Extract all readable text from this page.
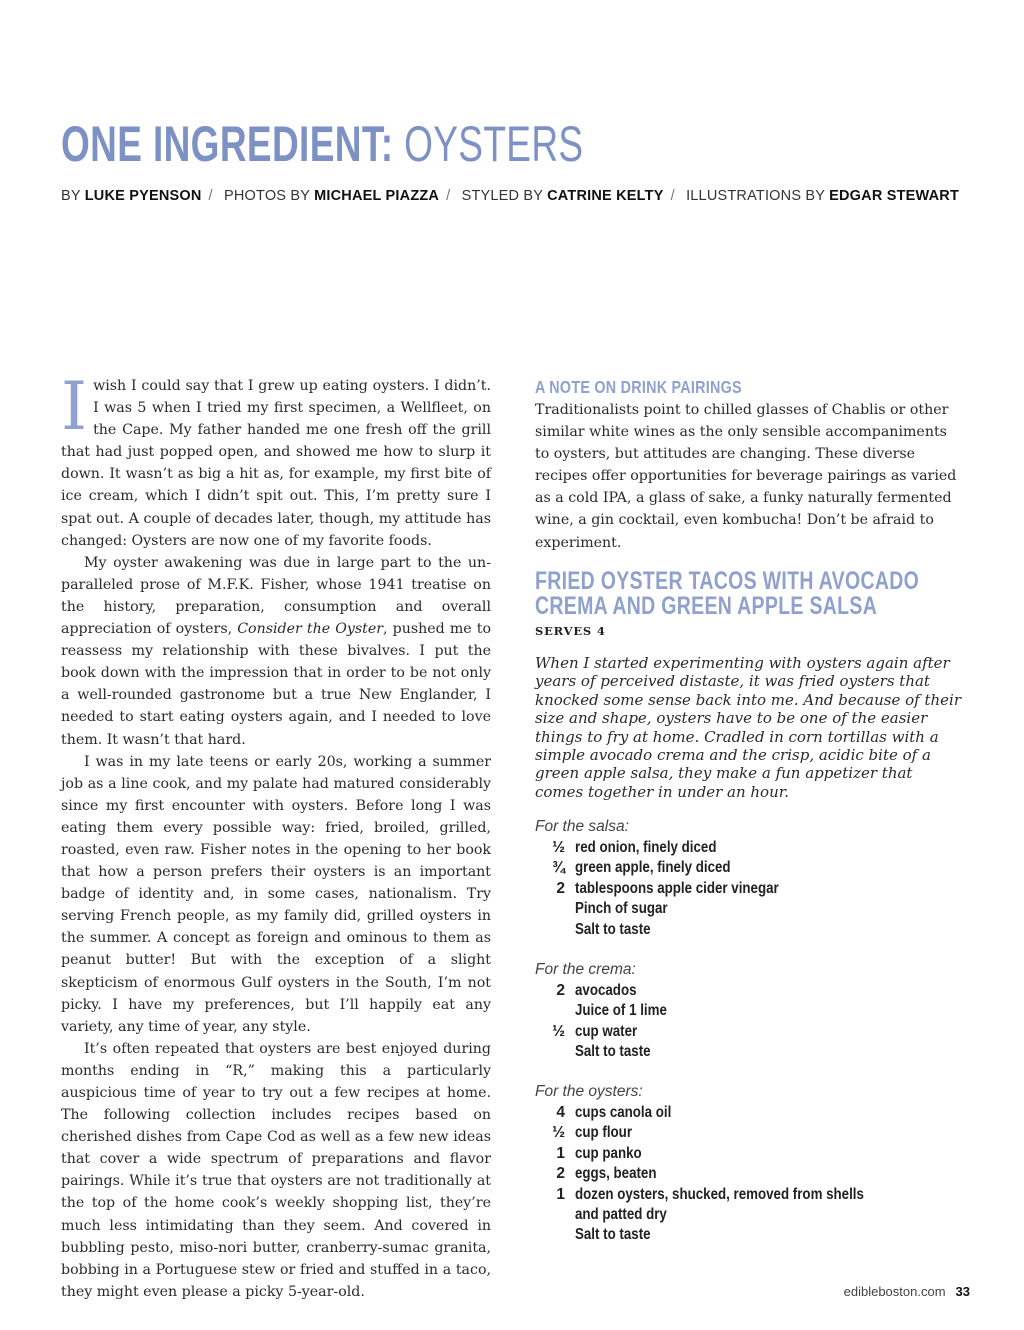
ONE INGREDIENT: OYSTERS
BY LUKE PYENSON / PHOTOS BY MICHAEL PIAZZA / STYLED BY CATRINE KELTY / ILLUSTRATIONS BY EDGAR STEWART

I wish I could say that I grew up eating oysters. I didn’t. I was 5 when I tried my first specimen, a Wellfleet, on the Cape. My father handed me one fresh off the grill that had just popped open, and showed me how to slurp it down. It wasn’t as big a hit as, for example, my first bite of ice cream, which I didn’t spit out. This, I’m pretty sure I spat out. A couple of decades later, though, my attitude has changed: Oysters are now one of my favorite foods.

My oyster awakening was due in large part to the unparalleled prose of M.F.K. Fisher, whose 1941 treatise on the history, preparation, consumption and overall appreciation of oysters, Consider the Oyster, pushed me to reassess my relationship with these bivalves. I put the book down with the impression that in order to be not only a well-rounded gastronome but a true New Englander, I needed to start eating oysters again, and I needed to love them. It wasn’t that hard.

I was in my late teens or early 20s, working a summer job as a line cook, and my palate had matured considerably since my first encounter with oysters. Before long I was eating them every possible way: fried, broiled, grilled, roasted, even raw. Fisher notes in the opening to her book that how a person prefers their oysters is an important badge of identity and, in some cases, nationalism. Try serving French people, as my family did, grilled oysters in the summer. A concept as foreign and ominous to them as peanut butter! But with the exception of a slight skepticism of enormous Gulf oysters in the South, I’m not picky. I have my preferences, but I’ll happily eat any variety, any time of year, any style.

It’s often repeated that oysters are best enjoyed during months ending in “R,” making this a particularly auspicious time of year to try out a few recipes at home. The following collection includes recipes based on cherished dishes from Cape Cod as well as a few new ideas that cover a wide spectrum of preparations and flavor pairings. While it’s true that oysters are not traditionally at the top of the home cook’s weekly shopping list, they’re much less intimidating than they seem. And covered in bubbling pesto, miso-nori butter, cranberry-sumac granita, bobbing in a Portuguese stew or fried and stuffed in a taco, they might even please a picky 5-year-old.

A NOTE ON DRINK PAIRINGS

Traditionalists point to chilled glasses of Chablis or other similar white wines as the only sensible accompaniments to oysters, but attitudes are changing. These diverse recipes offer opportunities for beverage pairings as varied as a cold IPA, a glass of sake, a funky naturally fermented wine, a gin cocktail, even kombucha! Don’t be afraid to experiment.

FRIED OYSTER TACOS WITH AVOCADO
CREMA AND GREEN APPLE SALSA
SERVES 4
When I started experimenting with oysters again after years of perceived distaste, it was fried oysters that knocked some sense back into me. And because of their size and shape, oysters have to be one of the easier things to fry at home. Cradled in corn tortillas with a simple avocado crema and the crisp, acidic bite of a green apple salsa, they make a fun appetizer that comes together in under an hour.
For the salsa:
½ red onion, finely diced
¾ green apple, finely diced
2 tablespoons apple cider vinegar
Pinch of sugar
Salt to taste
For the crema:
2 avocados
Juice of 1 lime
½ cup water
Salt to taste
For the oysters:
4 cups canola oil
½ cup flour
1 cup panko
2 eggs, beaten
1 dozen oysters, shucked, removed from shells
and patted dry
Salt to taste
edibleboston.com 33
